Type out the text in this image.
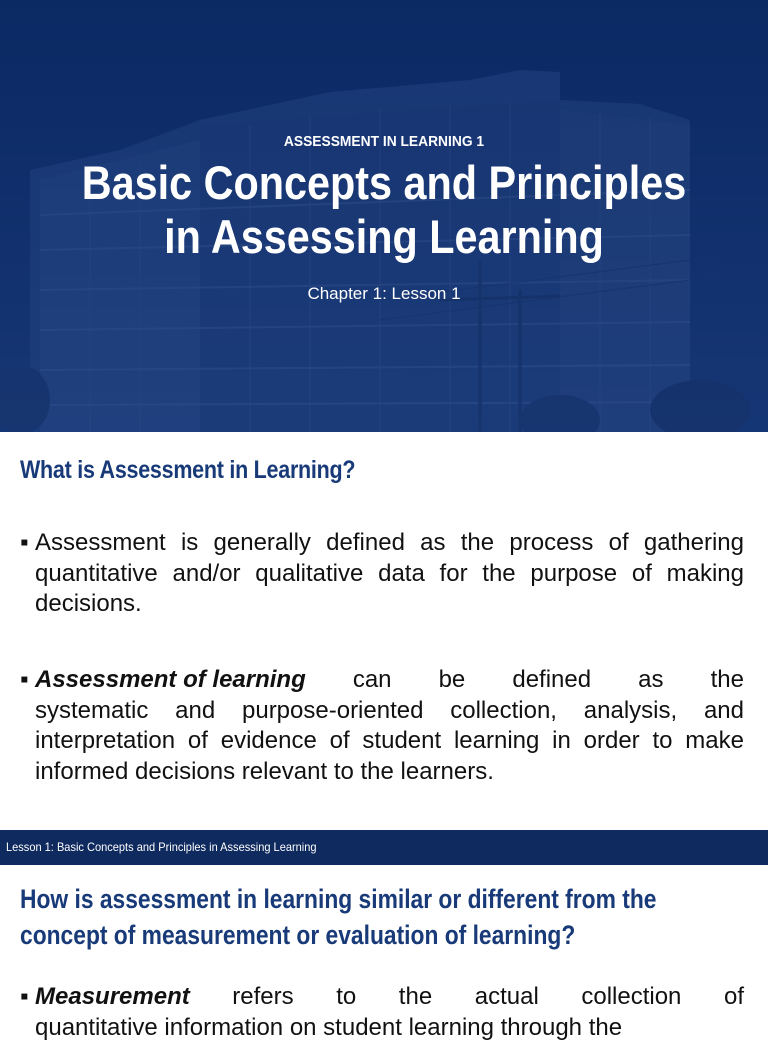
ASSESSMENT IN LEARNING 1
Basic Concepts and Principles
in Assessing Learning
Chapter 1: Lesson 1
What is Assessment in Learning?
▪ Assessment is generally defined as the process of gathering quantitative and/or qualitative data for the purpose of making decisions.
▪ Assessment of learning can be defined as the
systematic and purpose-oriented collection, analysis, and interpretation of evidence of student learning in order to make informed decisions relevant to the learners.
Lesson 1: Basic Concepts and Principles in Assessing Learning
How is assessment in learning similar or different from the
concept of measurement or evaluation of learning?
▪ Measurement refers to the actual collection of
quantitative information on student learning through the
